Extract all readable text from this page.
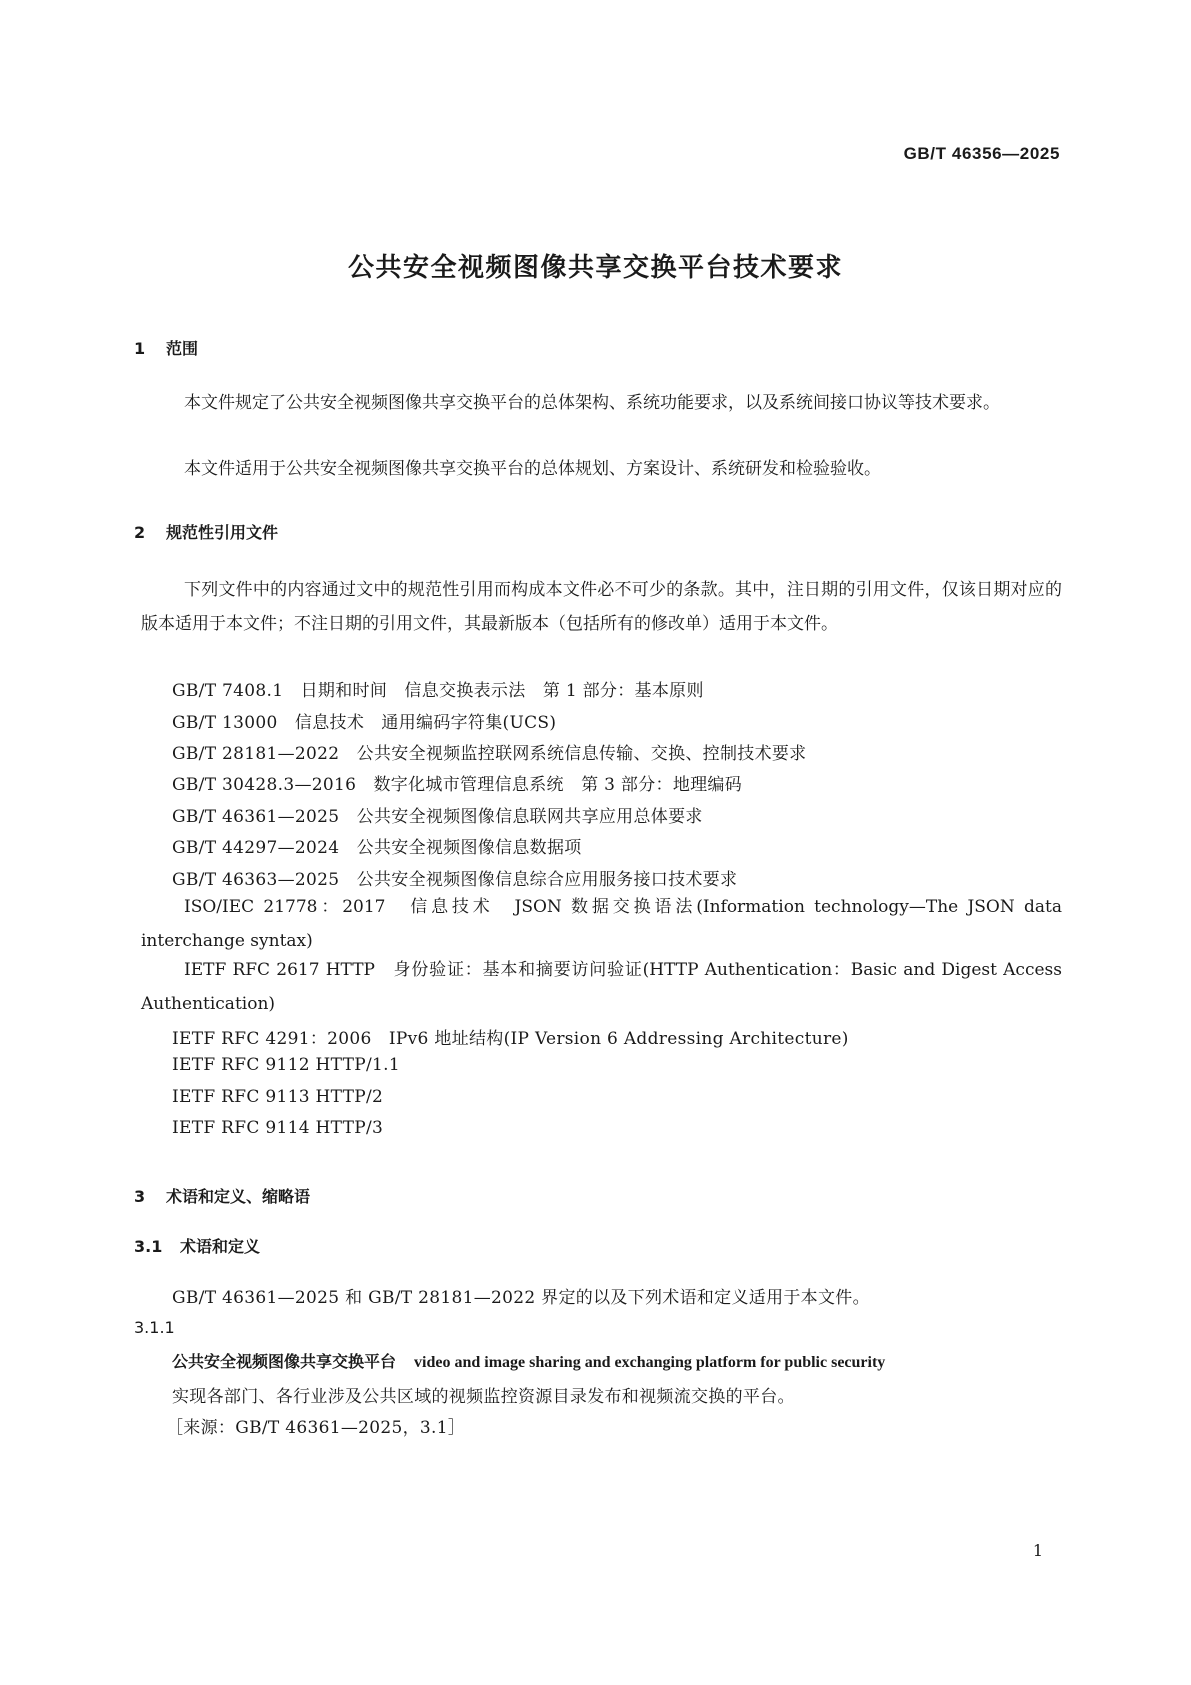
GB/T 46356—2025
公共安全视频图像共享交换平台技术要求
1 范围
本文件规定了公共安全视频图像共享交换平台的总体架构、系统功能要求，以及系统间接口协议等技术要求。
本文件适用于公共安全视频图像共享交换平台的总体规划、方案设计、系统研发和检验验收。
2 规范性引用文件
下列文件中的内容通过文中的规范性引用而构成本文件必不可少的条款。其中，注日期的引用文件，仅该日期对应的版本适用于本文件；不注日期的引用文件，其最新版本（包括所有的修改单）适用于本文件。
GB/T 7408.1　日期和时间　信息交换表示法　第 1 部分：基本原则
GB/T 13000　信息技术　通用编码字符集(UCS)
GB/T 28181—2022　公共安全视频监控联网系统信息传输、交换、控制技术要求
GB/T 30428.3—2016　数字化城市管理信息系统　第 3 部分：地理编码
GB/T 46361—2025　公共安全视频图像信息联网共享应用总体要求
GB/T 44297—2024　公共安全视频图像信息数据项
GB/T 46363—2025　公共安全视频图像信息综合应用服务接口技术要求
ISO/IEC 21778：2017　信息技术　JSON 数据交换语法(Information technology—The JSON data interchange syntax)
IETF RFC 2617 HTTP　身份验证：基本和摘要访问验证(HTTP Authentication：Basic and Digest Access Authentication)
IETF RFC 4291：2006　IPv6 地址结构(IP Version 6 Addressing Architecture)
IETF RFC 9112 HTTP/1.1
IETF RFC 9113 HTTP/2
IETF RFC 9114 HTTP/3
3 术语和定义、缩略语
3.1 术语和定义
GB/T 46361—2025 和 GB/T 28181—2022 界定的以及下列术语和定义适用于本文件。
3.1.1
公共安全视频图像共享交换平台 video and image sharing and exchanging platform for public security
实现各部门、各行业涉及公共区域的视频监控资源目录发布和视频流交换的平台。
［来源：GB/T 46361—2025，3.1］
1
